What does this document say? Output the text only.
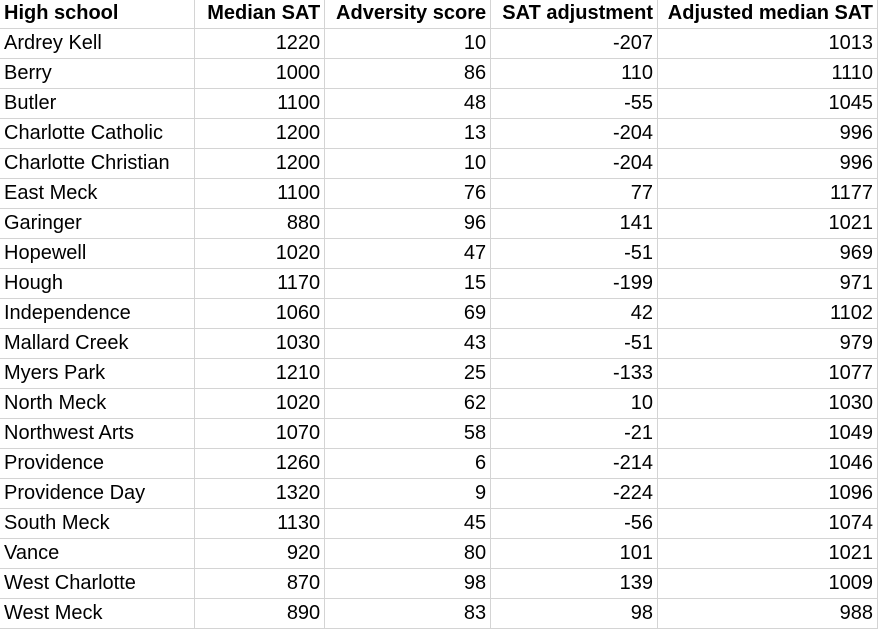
High school	Median SAT	Adversity score	SAT adjustment	Adjusted median SAT
Ardrey Kell	1220	10	-207	1013
Berry	1000	86	110	1110
Butler	1100	48	-55	1045
Charlotte Catholic	1200	13	-204	996
Charlotte Christian	1200	10	-204	996
East Meck	1100	76	77	1177
Garinger	880	96	141	1021
Hopewell	1020	47	-51	969
Hough	1170	15	-199	971
Independence	1060	69	42	1102
Mallard Creek	1030	43	-51	979
Myers Park	1210	25	-133	1077
North Meck	1020	62	10	1030
Northwest Arts	1070	58	-21	1049
Providence	1260	6	-214	1046
Providence Day	1320	9	-224	1096
South Meck	1130	45	-56	1074
Vance	920	80	101	1021
West Charlotte	870	98	139	1009
West Meck	890	83	98	988
